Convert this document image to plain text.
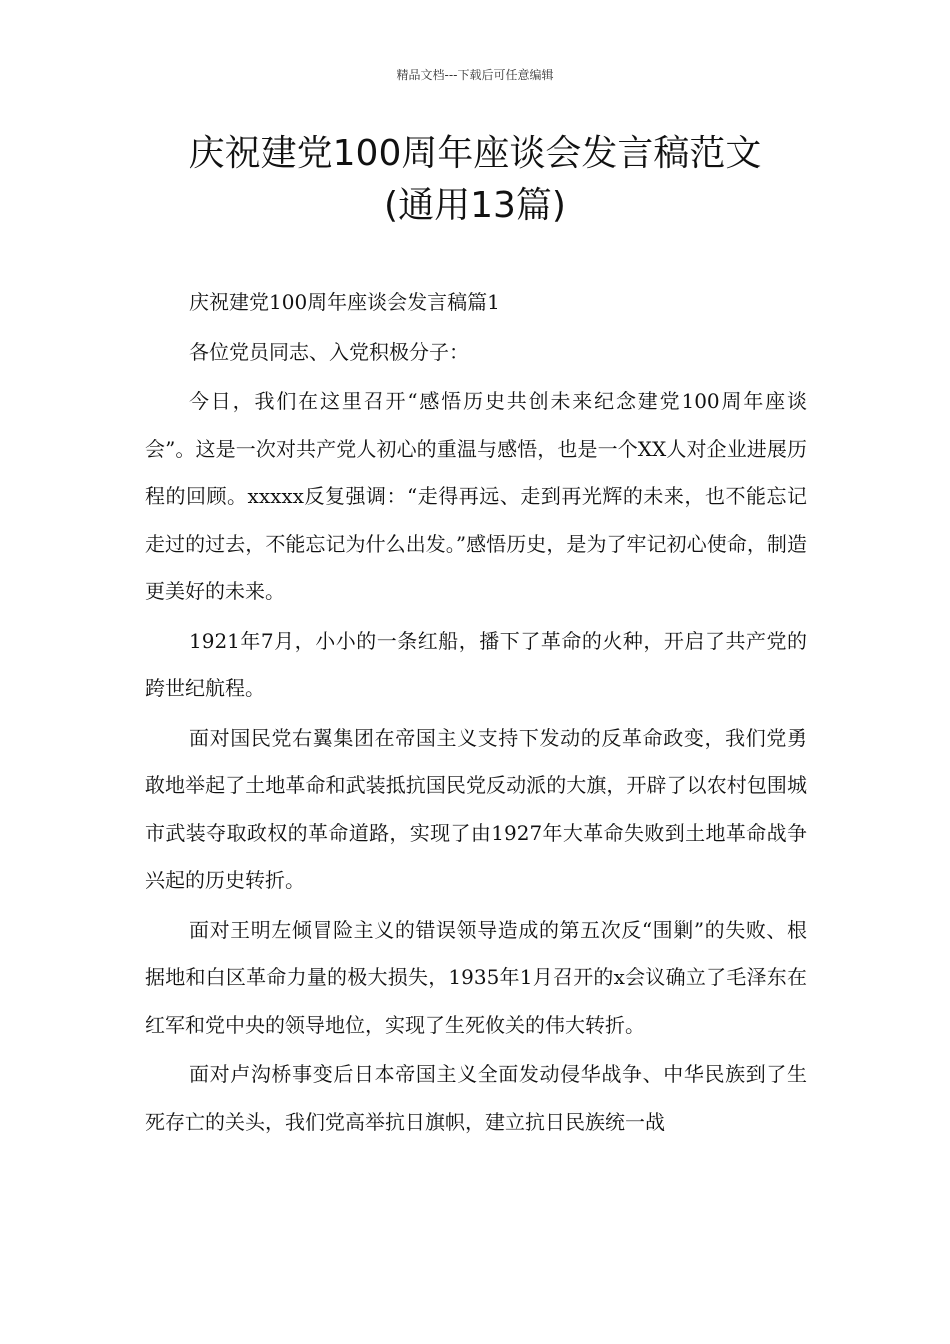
精品文档---下载后可任意编辑
庆祝建党100周年座谈会发言稿范文
(通用13篇)

庆祝建党100周年座谈会发言稿篇1

各位党员同志、入党积极分子：

今日，我们在这里召开“感悟历史共创未来纪念建党100周年座谈会”。这是一次对共产党人初心的重温与感悟，也是一个XX人对企业进展历程的回顾。xxxxx反复强调：“走得再远、走到再光辉的未来，也不能忘记走过的过去，不能忘记为什么出发。”感悟历史，是为了牢记初心使命，制造更美好的未来。

1921年7月，小小的一条红船，播下了革命的火种，开启了共产党的跨世纪航程。

面对国民党右翼集团在帝国主义支持下发动的反革命政变，我们党勇敢地举起了土地革命和武装抵抗国民党反动派的大旗，开辟了以农村包围城市武装夺取政权的革命道路，实现了由1927年大革命失败到土地革命战争兴起的历史转折。

面对王明左倾冒险主义的错误领导造成的第五次反“围剿”的失败、根据地和白区革命力量的极大损失，1935年1月召开的x会议确立了毛泽东在红军和党中央的领导地位，实现了生死攸关的伟大转折。

面对卢沟桥事变后日本帝国主义全面发动侵华战争、中华民族到了生死存亡的关头，我们党高举抗日旗帜，建立抗日民族统一战
